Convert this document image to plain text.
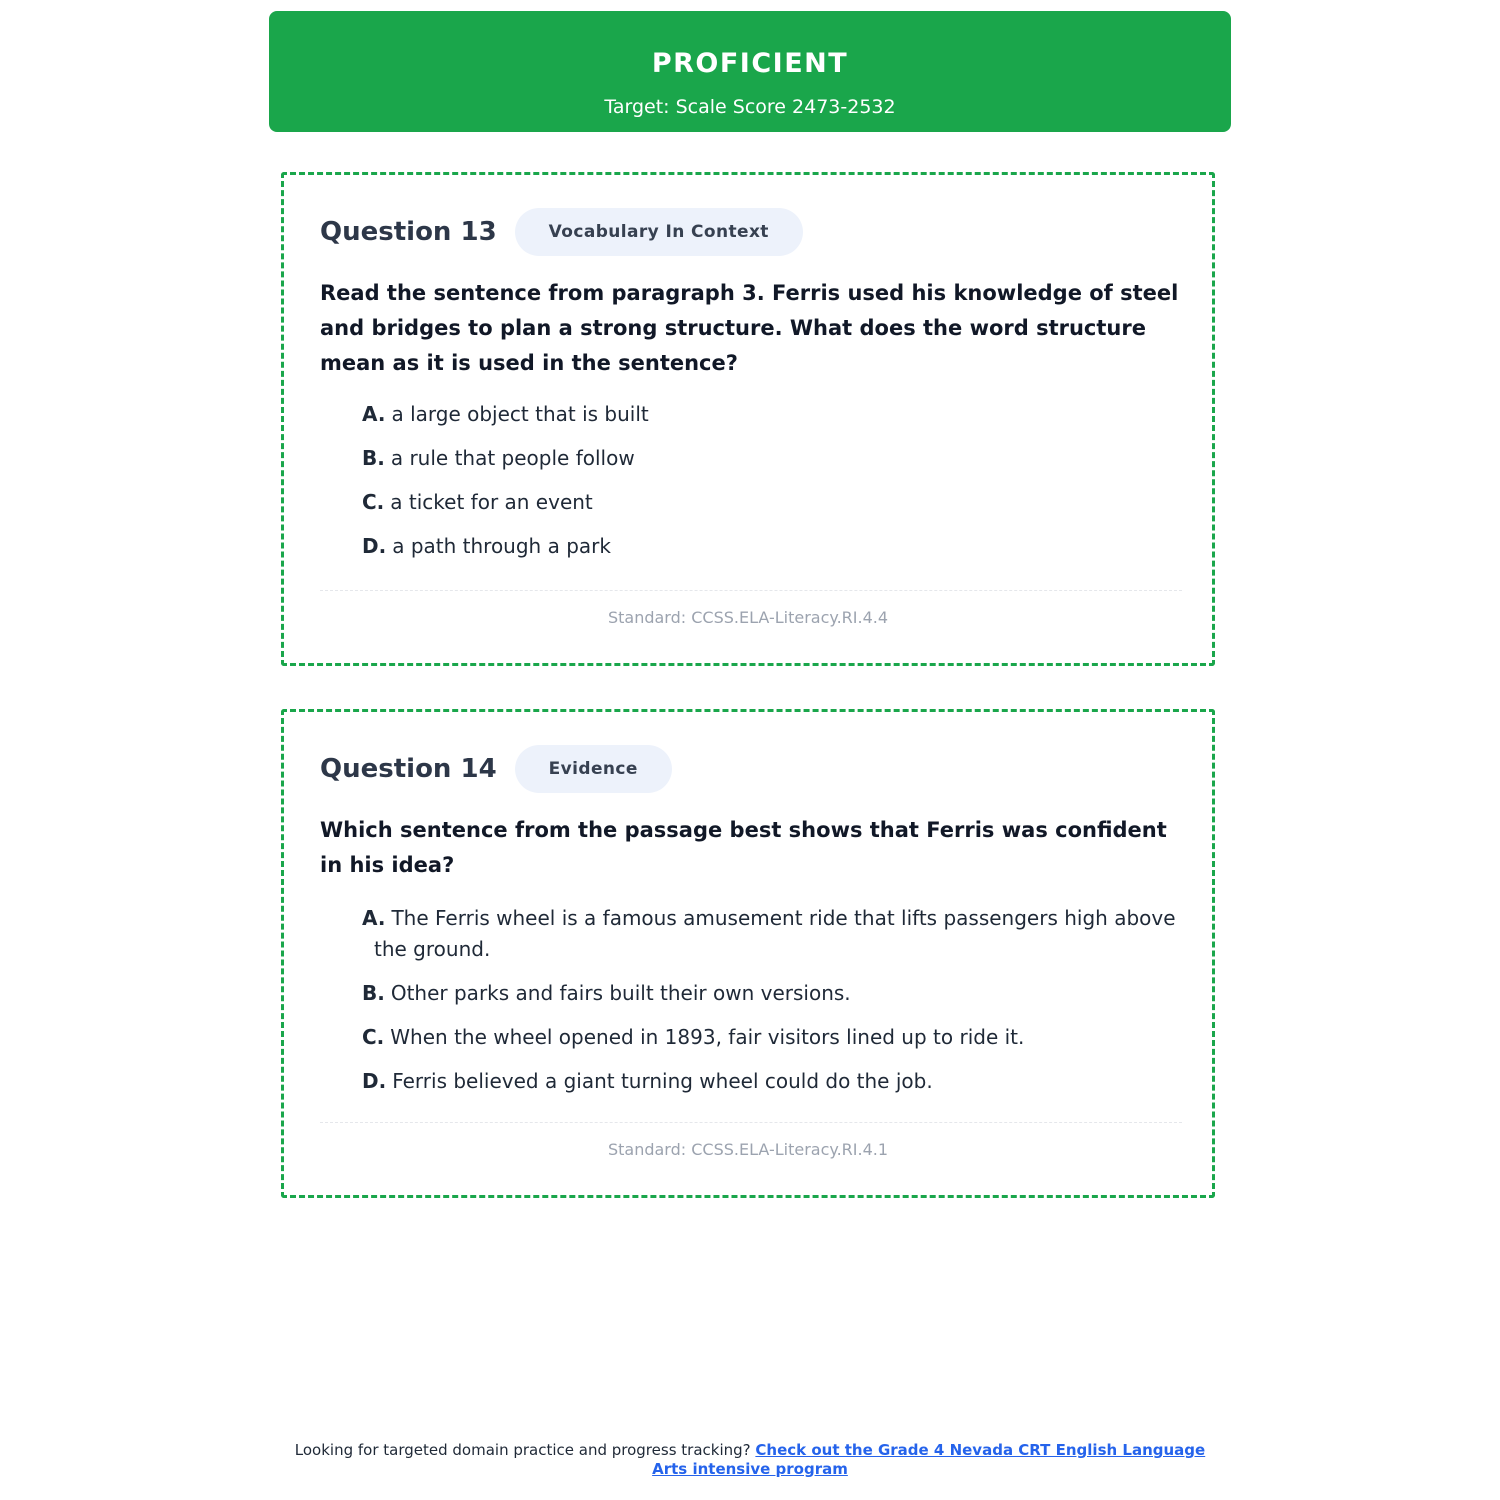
PROFICIENT
Target: Scale Score 2473-2532
Question 13	Vocabulary In Context
Read the sentence from paragraph 3. Ferris used his knowledge of steel and bridges to plan a strong structure. What does the word structure mean as it is used in the sentence?
A. a large object that is built
B. a rule that people follow
C. a ticket for an event
D. a path through a park
Standard: CCSS.ELA-Literacy.RI.4.4
Question 14	Evidence
Which sentence from the passage best shows that Ferris was confident in his idea?
A. The Ferris wheel is a famous amusement ride that lifts passengers high above the ground.
B. Other parks and fairs built their own versions.
C. When the wheel opened in 1893, fair visitors lined up to ride it.
D. Ferris believed a giant turning wheel could do the job.
Standard: CCSS.ELA-Literacy.RI.4.1
Looking for targeted domain practice and progress tracking? Check out the Grade 4 Nevada CRT English Language Arts intensive program
